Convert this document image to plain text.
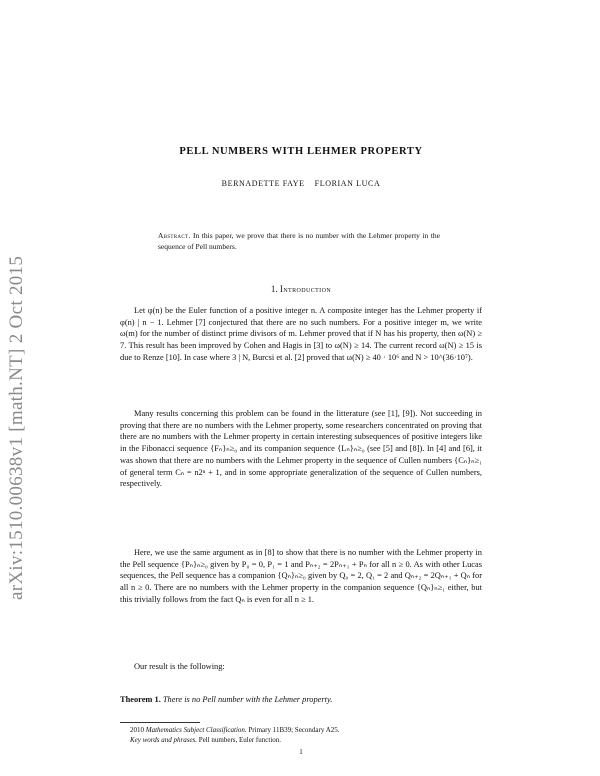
arXiv:1510.00638v1 [math.NT] 2 Oct 2015
PELL NUMBERS WITH LEHMER PROPERTY
BERNADETTE FAYE FLORIAN LUCA
Abstract. In this paper, we prove that there is no number with the Lehmer property in the sequence of Pell numbers.
1. Introduction
Let φ(n) be the Euler function of a positive integer n. A composite integer has the Lehmer property if φ(n) | n − 1. Lehmer [7] conjectured that there are no such numbers. For a positive integer m, we write ω(m) for the number of distinct prime divisors of m. Lehmer proved that if N has his property, then ω(N) ≥ 7. This result has been improved by Cohen and Hagis in [3] to ω(N) ≥ 14. The current record ω(N) ≥ 15 is due to Renze [10]. In case where 3 | N, Burcsi et al. [2] proved that ω(N) ≥ 40 · 10⁶ and N > 10^(36·10⁷).
Many results concerning this problem can be found in the litterature (see [1], [9]). Not succeeding in proving that there are no numbers with the Lehmer property, some researchers concentrated on proving that there are no numbers with the Lehmer property in certain interesting subsequences of positive integers like in the Fibonacci sequence {Fₙ}ₙ≥₀ and its companion sequence {Lₙ}ₙ≥₀ (see [5] and [8]). In [4] and [6], it was shown that there are no numbers with the Lehmer property in the sequence of Cullen numbers {Cₙ}ₙ≥₁ of general term Cₙ = n2ⁿ + 1, and in some appropriate generalization of the sequence of Cullen numbers, respectively.
Here, we use the same argument as in [8] to show that there is no number with the Lehmer property in the Pell sequence {Pₙ}ₙ≥₀ given by P₀ = 0, P₁ = 1 and Pₙ₊₂ = 2Pₙ₊₁ + Pₙ for all n ≥ 0. As with other Lucas sequences, the Pell sequence has a companion {Qₙ}ₙ≥₀ given by Q₀ = 2, Q₁ = 2 and Qₙ₊₂ = 2Qₙ₊₁ + Qₙ for all n ≥ 0. There are no numbers with the Lehmer property in the companion sequence {Qₙ}ₙ≥₁ either, but this trivially follows from the fact Qₙ is even for all n ≥ 1.
Our result is the following:
Theorem 1. There is no Pell number with the Lehmer property.
2010 Mathematics Subject Classification. Primary 11B39; Secondary A25.
Key words and phrases. Pell numbers, Euler function.
1
